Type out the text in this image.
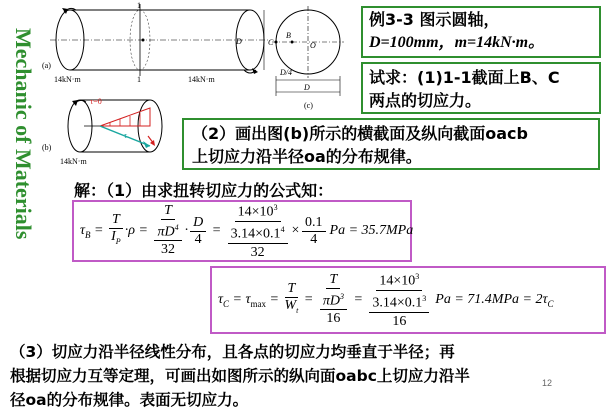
Mechanic of Materials (a)
14kN·m	14kN·m
1
1
D	C
B
O
D/4
D
(c)
τ=0
τ
(b)
14kN·m
例3-3 图示圆轴，
D=100mm，m=14kN·m。
试求：(1)1-1截面上B、C
两点的切应力。
（2）画出图(b)所示的横截面及纵向截面oacb
上切应力沿半径oa的分布规律。
解：（1）由求扭转切应力的公式知：
$\tau_B = \frac{T}{I_P} \cdot \rho$ =
T
$\pi D^4$
32
· $\frac{D}{4}$ =
$14\times 10^3$
$3.14\times 0.1^4$
32
× $\frac{0.1}{4}$ Pa = 35.7MPa
$\tau_C = \tau_{max} = \frac{T}{W_t}$ =
T
$\pi D^3$
16
=
$14\times 10^3$
$3.14\times 0.1^3$
16
$Pa = 71.4MPa = 2\tau_C$
（3）切应力沿半径线性分布，且各点的切应力均垂直于半径；再
根据切应力互等定理，可画出如图所示的纵向面oabc上切应力沿半
径oa的分布规律。表面无切应力。
12
